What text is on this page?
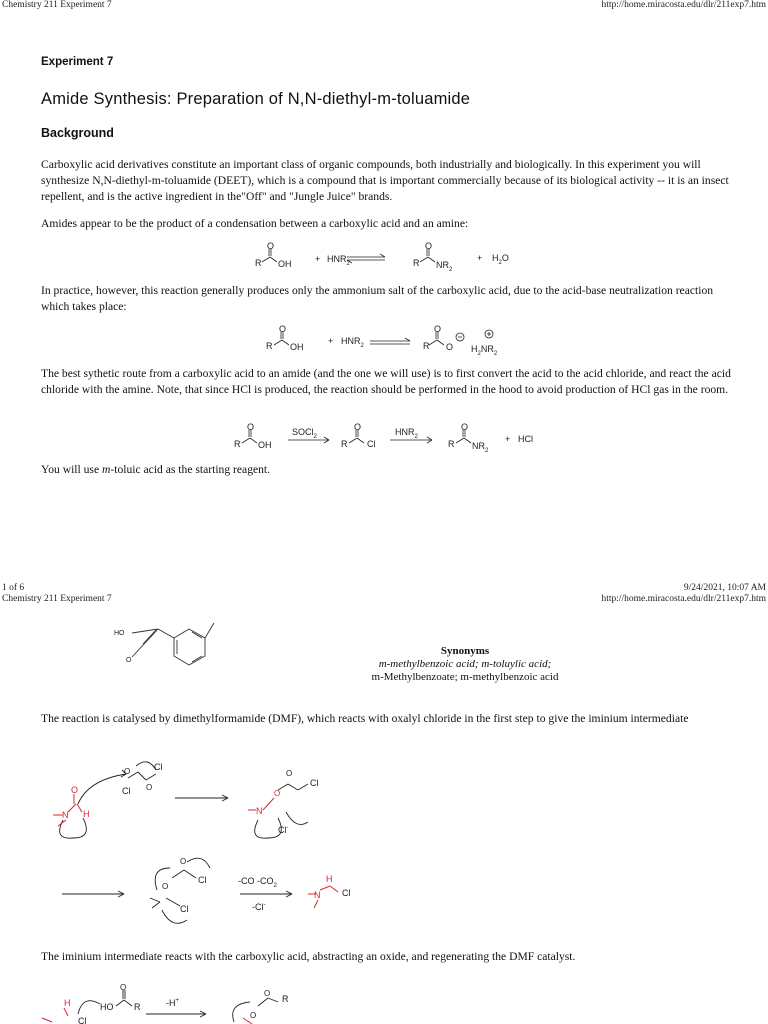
Chemistry 211 Experiment 7	http://home.miracosta.edu/dlr/211exp7.htm
Experiment 7
Amide Synthesis: Preparation of N,N-diethyl-m-toluamide
Background
Carboxylic acid derivatives constitute an important class of organic compounds, both industrially and biologically. In this experiment you will synthesize N,N-diethyl-m-toluamide (DEET), which is a compound that is important commercially because of its biological activity -- it is an insect repellent, and is the active ingredient in the"Off" and "Jungle Juice" brands.
Amides appear to be the product of a condensation between a carboxylic acid and an amine:
R
O
OH	+ $HNR_2$	R
O
$NR_2$
+ $H_2O$
In practice, however, this reaction generally produces only the ammonium salt of the carboxylic acid, due to the acid-base neutralization reaction which takes place:
R
O
OH
+ $HNR_2$	R
O
O $H_2NR_2$
The best sythetic route from a carboxylic acid to an amide (and the one we will use) is to first convert the acid to the acid chloride, and react the acid chloride with the amine. Note, that since HCl is produced, the reaction should be performed in the hood to avoid production of HCl gas in the room.
R
O
OH
SOCl$_2$
R
O
Cl
$HNR_2$
R
O
$NR_2$
+ HCl
You will use m-toluic acid as the starting reagent.
1 of 6	9/24/2021, 10:07 AM
Chemistry 211 Experiment 7	http://home.miracosta.edu/dlr/211exp7.htm
HO
O
Synonyms
m-methylbenzoic acid; m-toluylic acid;
m-Methylbenzoate; m-methylbenzoic acid
The reaction is catalysed by dimethylformamide (DMF), which reacts with oxalyl chloride in the first step to give the iminium intermediate
N
O
H
O	Cl
Cl O
N
O
O
Cl
Cl-
O
O
Cl
Cl
-CO $-CO_2$
-Cl-
N
H
Cl
The iminium intermediate reacts with the carboxylic acid, abstracting an oxide, and regenerating the DMF catalyst.
H
Cl
HO
O
R	-H+
O
R
O
